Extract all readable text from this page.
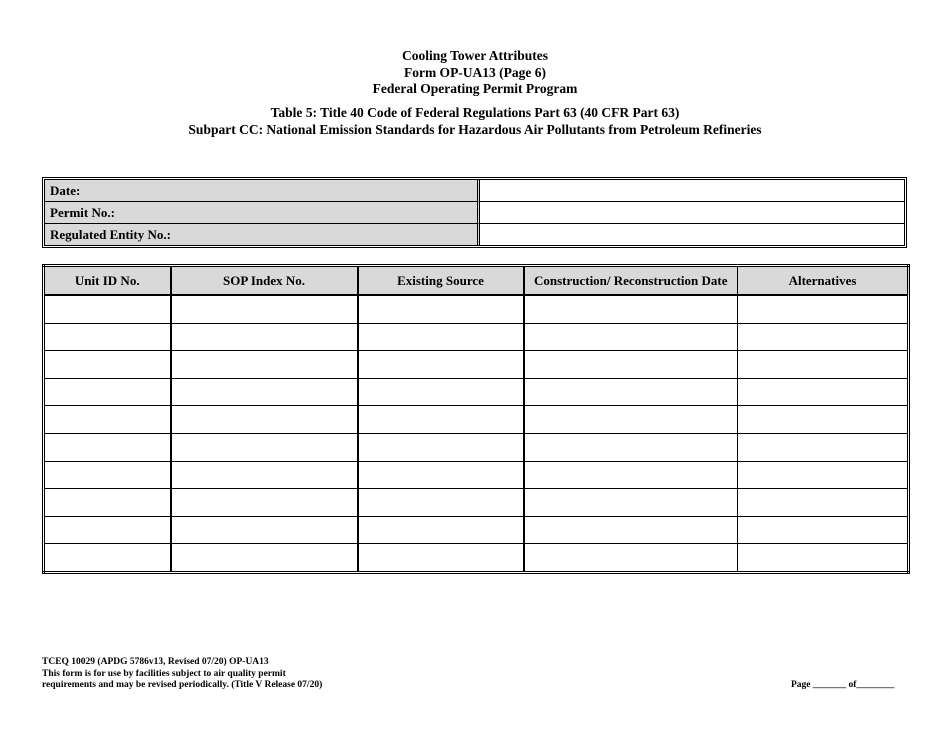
Cooling Tower Attributes
Form OP-UA13 (Page 6)
Federal Operating Permit Program
Table 5: Title 40 Code of Federal Regulations Part 63 (40 CFR Part 63)
Subpart CC: National Emission Standards for Hazardous Air Pollutants from Petroleum Refineries
Date:	
Permit No.:	
Regulated Entity No.:	
Unit ID No.	SOP Index No.	Existing Source	Construction/ Reconstruction Date	Alternatives

TCEQ 10029 (APDG 5786v13, Revised 07/20) OP-UA13
This form is for use by facilities subject to air quality permit
requirements and may be revised periodically. (Title V Release 07/20)	Page _______ of________
